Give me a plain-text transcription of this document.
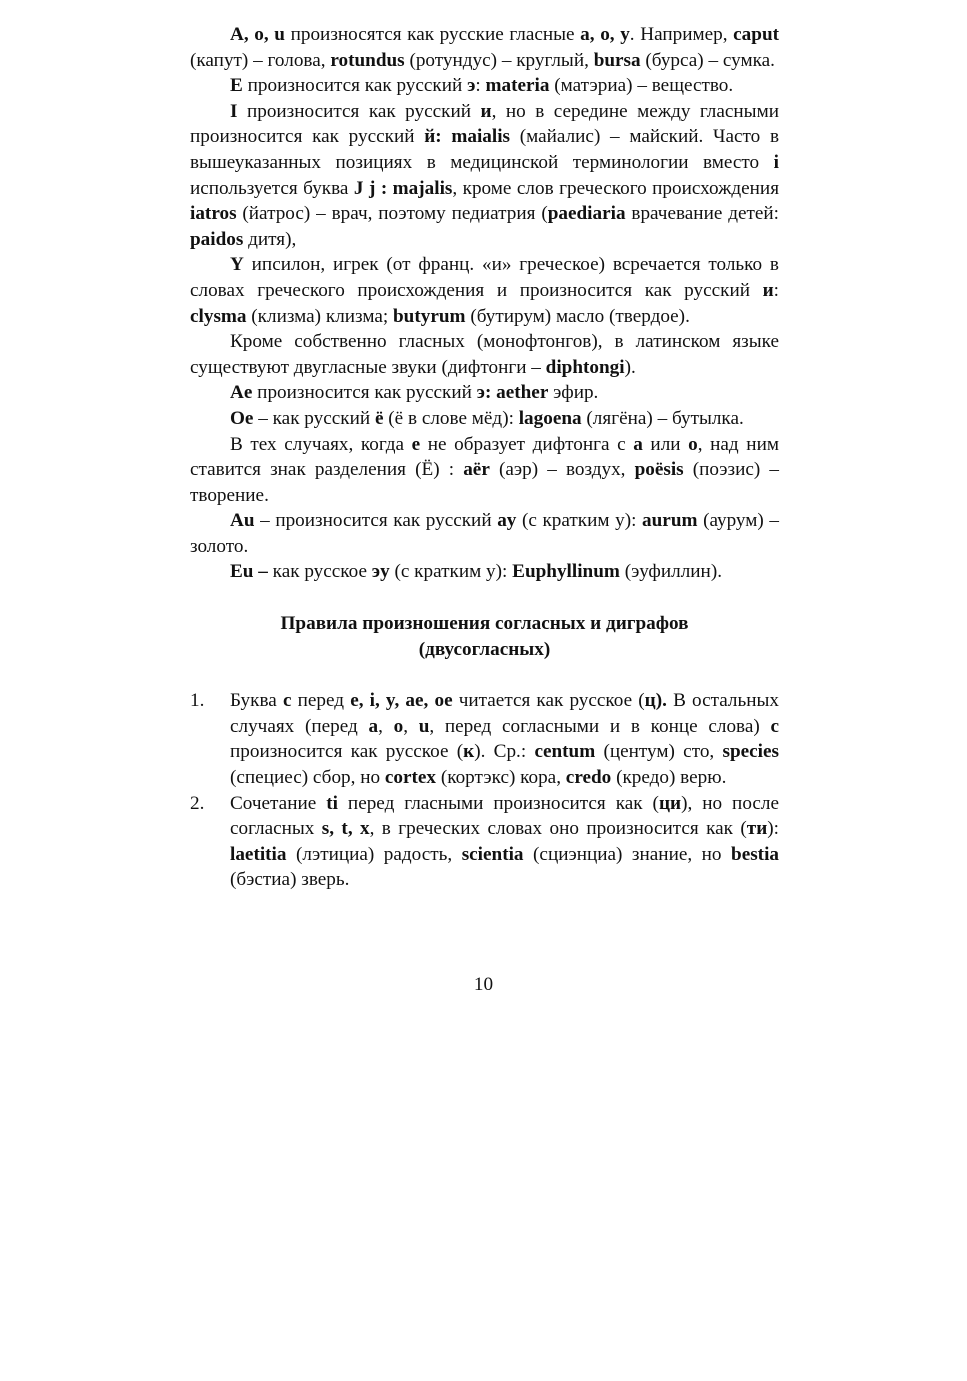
A, o, u произносятся как русские гласные а, о, у. Например, caput (капут) – голова, rotundus (ротундус) – круглый, bursa (бурса) – сумка.

E произносится как русский э: materia (матэриа) – вещество.

I произносится как русский и, но в середине между гласными произносится как русский й: maialis (майалис) – майский. Часто в вышеуказанных позициях в медицинской терминологии вместо i используется буква J j : majalis, кроме слов греческого происхождения iatros (йатрос) – врач, поэтому педиатрия (paediaria врачевание детей: paidos дитя),

Y ипсилон, игрек (от франц. «и» греческое) всречается только в словах греческого происхождения и произносится как русский и: clysma (клизма) клизма; butyrum (бутирум) масло (твердое).

Кроме собственно гласных (монофтонгов), в латинском языке существуют двугласные звуки (дифтонги – diphtongi).

Ae произносится как русский э: aether эфир.

Oe – как русский ё (ё в слове мёд): lagoena (лягёна) – бутылка.

В тех случаях, когда e не образует дифтонга с a или o, над ним ставится знак разделения (Ё) : aër (аэр) – воздух, poësis (поэзис) – творение.

Au – произносится как русский ay (с кратким у): aurum (аурум) – золото.

Eu – как русское эу (с кратким у): Euphyllinum (эуфиллин).

Правила произношения согласных и диграфов
(двусогласных)
1. Буква c перед e, i, y, ae, oe читается как русское (ц). В остальных случаях (перед a, o, u, перед согласными и в конце слова) c произносится как русское (к). Ср.: centum (центум) сто, species (специес) сбор, но cortex (кортэкс) кора, credo (кредо) верю.
2. Сочетание ti перед гласными произносится как (ци), но после согласных s, t, x, в греческих словах оно произносится как (ти): laetitia (лэтициа) радость, scientia (сциэнциа) знание, но bestia (бэстиа) зверь.
10
